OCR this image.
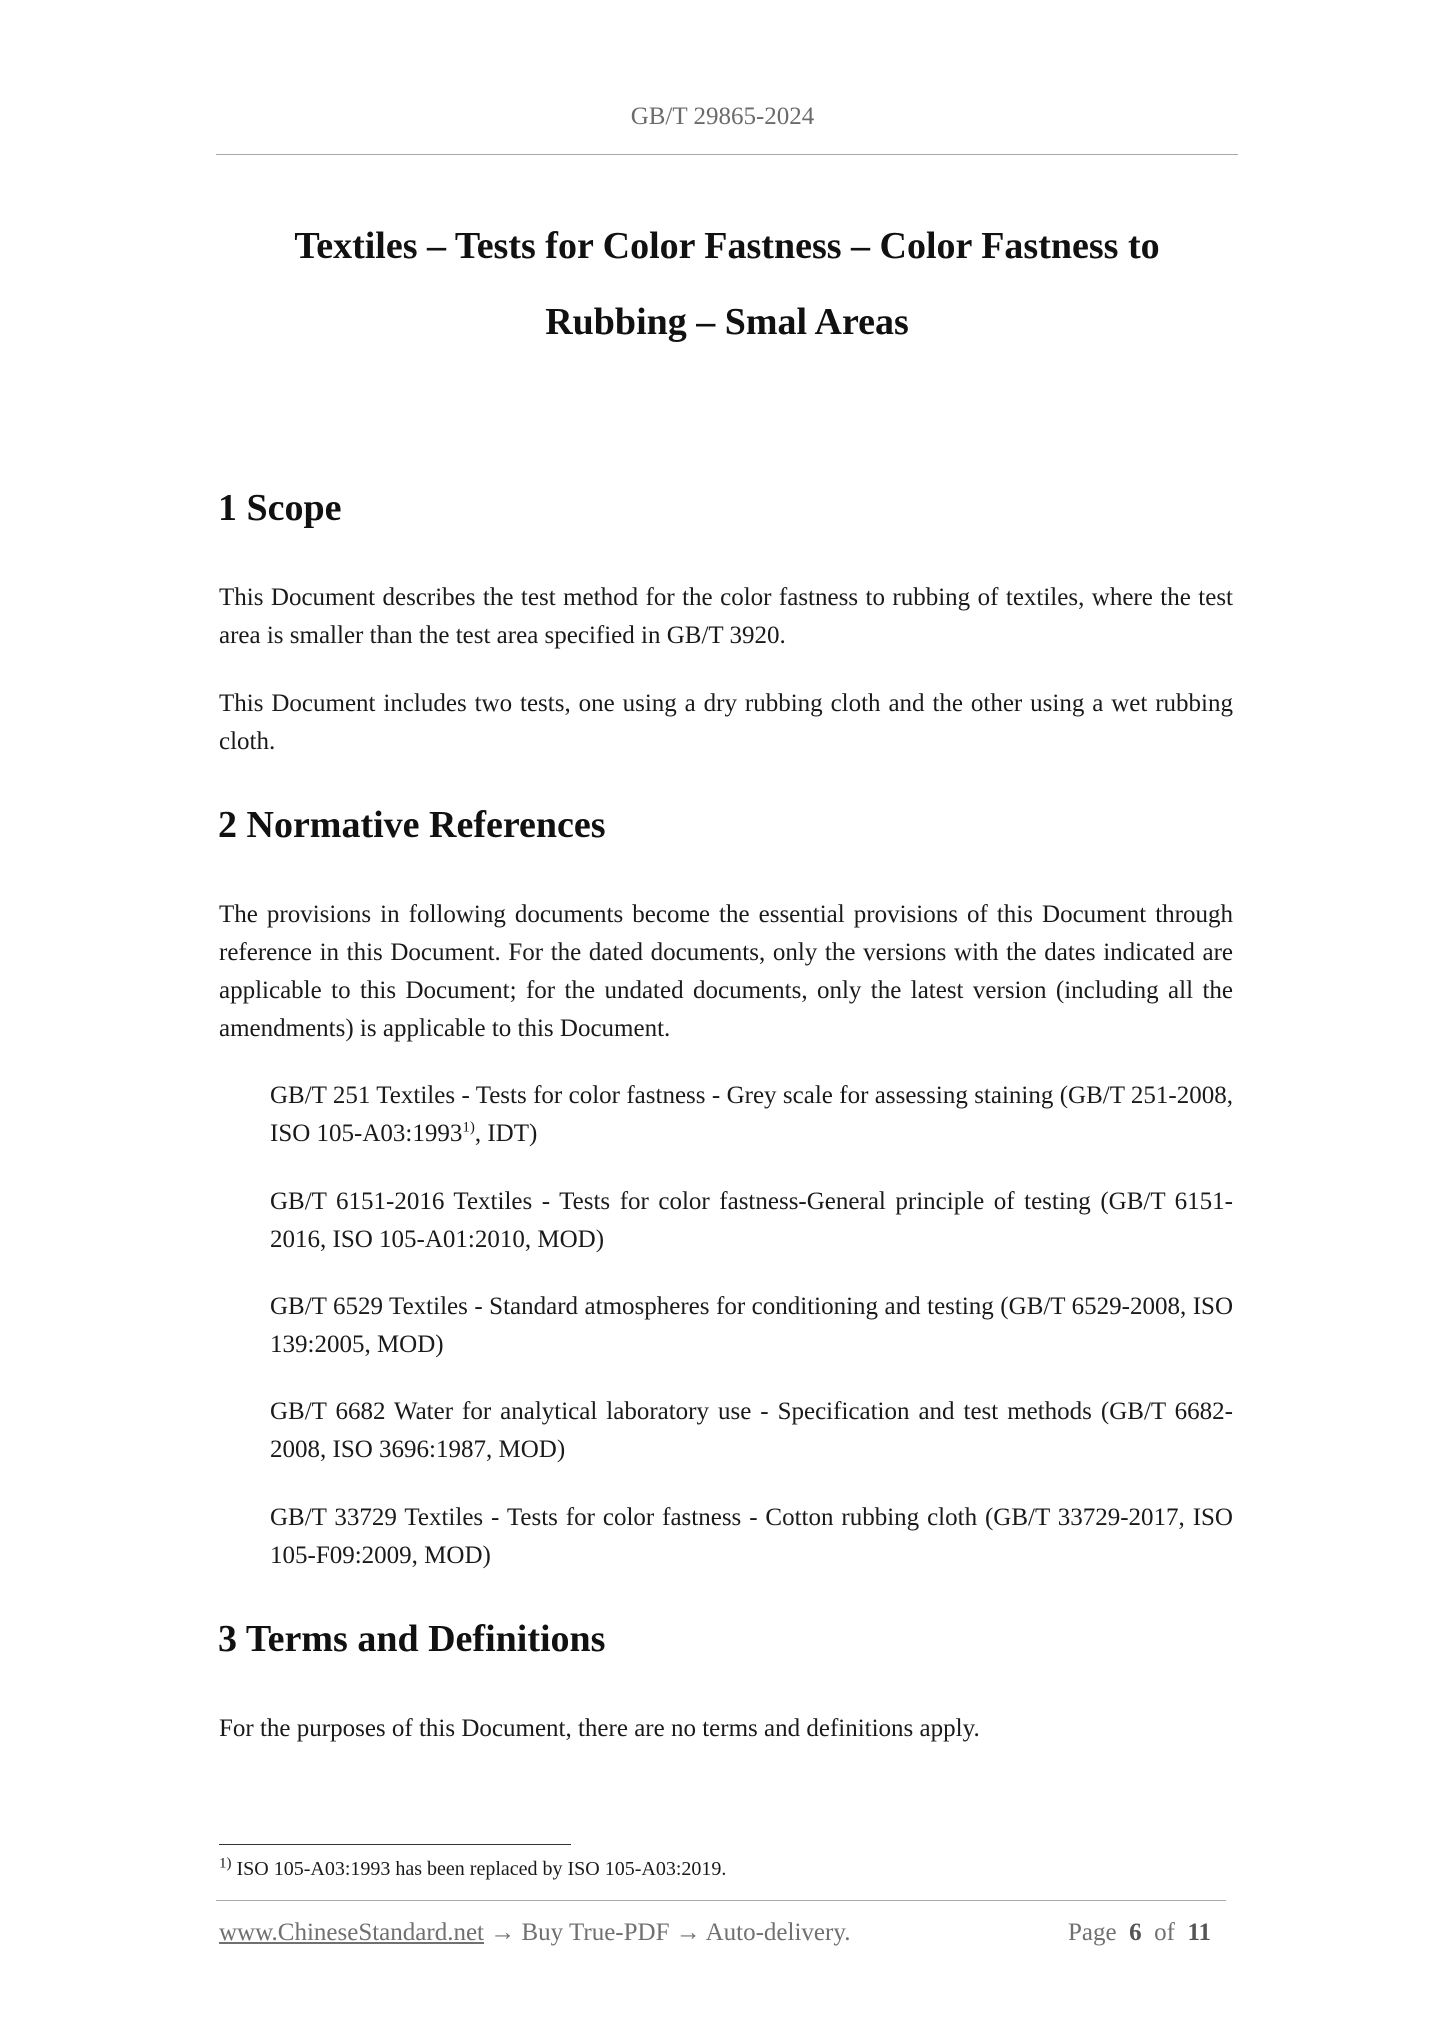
GB/T 29865-2024
Textiles – Tests for Color Fastness – Color Fastness to
Rubbing – Smal Areas
1 Scope

This Document describes the test method for the color fastness to rubbing of textiles, where the test area is smaller than the test area specified in GB/T 3920.

This Document includes two tests, one using a dry rubbing cloth and the other using a wet rubbing cloth.

2 Normative References

The provisions in following documents become the essential provisions of this Document through reference in this Document. For the dated documents, only the versions with the dates indicated are applicable to this Document; for the undated documents, only the latest version (including all the amendments) is applicable to this Document.

GB/T 251 Textiles - Tests for color fastness - Grey scale for assessing staining (GB/T 251-2008, ISO 105-A03:1993$^{1)}$, IDT)

GB/T 6151-2016 Textiles - Tests for color fastness-General principle of testing (GB/T 6151-2016, ISO 105-A01:2010, MOD)

GB/T 6529 Textiles - Standard atmospheres for conditioning and testing (GB/T 6529-2008, ISO 139:2005, MOD)

GB/T 6682 Water for analytical laboratory use - Specification and test methods (GB/T 6682-2008, ISO 3696:1987, MOD)

GB/T 33729 Textiles - Tests for color fastness - Cotton rubbing cloth (GB/T 33729-2017, ISO 105-F09:2009, MOD)

3 Terms and Definitions

For the purposes of this Document, there are no terms and definitions apply.

$^{1)}$ ISO 105-A03:1993 has been replaced by ISO 105-A03:2019.

www.ChineseStandard.net → Buy True-PDF → Auto-delivery.	Page 6 of 11
